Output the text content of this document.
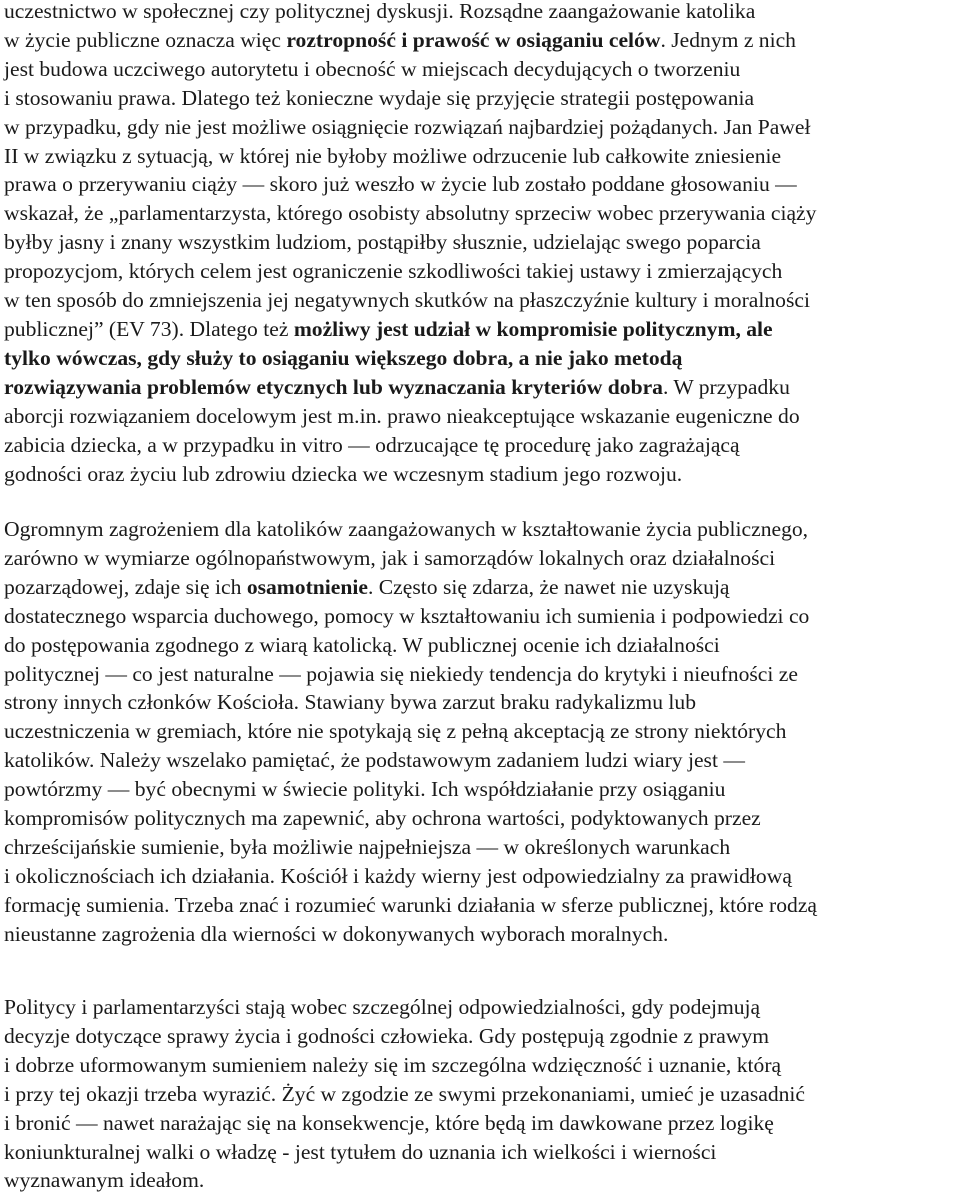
uczestnictwo w społecznej czy politycznej dyskusji. Rozsądne zaangażowanie katolika
w życie publiczne oznacza więc roztropność i prawość w osiąganiu celów. Jednym z nich
jest budowa uczciwego autorytetu i obecność w miejscach decydujących o tworzeniu
i stosowaniu prawa. Dlatego też konieczne wydaje się przyjęcie strategii postępowania
w przypadku, gdy nie jest możliwe osiągnięcie rozwiązań najbardziej pożądanych. Jan Paweł
II w związku z sytuacją, w której nie byłoby możliwe odrzucenie lub całkowite zniesienie
prawa o przerywaniu ciąży — skoro już weszło w życie lub zostało poddane głosowaniu —
wskazał, że „parlamentarzysta, którego osobisty absolutny sprzeciw wobec przerywania ciąży
byłby jasny i znany wszystkim ludziom, postąpiłby słusznie, udzielając swego poparcia
propozycjom, których celem jest ograniczenie szkodliwości takiej ustawy i zmierzających
w ten sposób do zmniejszenia jej negatywnych skutków na płaszczyźnie kultury i moralności
publicznej” (EV 73). Dlatego też możliwy jest udział w kompromisie politycznym, ale
tylko wówczas, gdy służy to osiąganiu większego dobra, a nie jako metodą
rozwiązywania problemów etycznych lub wyznaczania kryteriów dobra. W przypadku
aborcji rozwiązaniem docelowym jest m.in. prawo nieakceptujące wskazanie eugeniczne do
zabicia dziecka, a w przypadku in vitro — odrzucające tę procedurę jako zagrażającą
godności oraz życiu lub zdrowiu dziecka we wczesnym stadium jego rozwoju.
Ogromnym zagrożeniem dla katolików zaangażowanych w kształtowanie życia publicznego,
zarówno w wymiarze ogólnopaństwowym, jak i samorządów lokalnych oraz działalności
pozarządowej, zdaje się ich osamotnienie. Często się zdarza, że nawet nie uzyskują
dostatecznego wsparcia duchowego, pomocy w kształtowaniu ich sumienia i podpowiedzi co
do postępowania zgodnego z wiarą katolicką. W publicznej ocenie ich działalności
politycznej — co jest naturalne — pojawia się niekiedy tendencja do krytyki i nieufności ze
strony innych członków Kościoła. Stawiany bywa zarzut braku radykalizmu lub
uczestniczenia w gremiach, które nie spotykają się z pełną akceptacją ze strony niektórych
katolików. Należy wszelako pamiętać, że podstawowym zadaniem ludzi wiary jest —
powtórzmy — być obecnymi w świecie polityki. Ich współdziałanie przy osiąganiu
kompromisów politycznych ma zapewnić, aby ochrona wartości, podyktowanych przez
chrześcijańskie sumienie, była możliwie najpełniejsza — w określonych warunkach
i okolicznościach ich działania. Kościół i każdy wierny jest odpowiedzialny za prawidłową
formację sumienia. Trzeba znać i rozumieć warunki działania w sferze publicznej, które rodzą
nieustanne zagrożenia dla wierności w dokonywanych wyborach moralnych.
Politycy i parlamentarzyści stają wobec szczególnej odpowiedzialności, gdy podejmują
decyzje dotyczące sprawy życia i godności człowieka. Gdy postępują zgodnie z prawym
i dobrze uformowanym sumieniem należy się im szczególna wdzięczność i uznanie, którą
i przy tej okazji trzeba wyrazić. Żyć w zgodzie ze swymi przekonaniami, umieć je uzasadnić
i bronić — nawet narażając się na konsekwencje, które będą im dawkowane przez logikę
koniunkturalnej walki o władzę - jest tytułem do uznania ich wielkości i wierności
wyznawanym ideałom.
